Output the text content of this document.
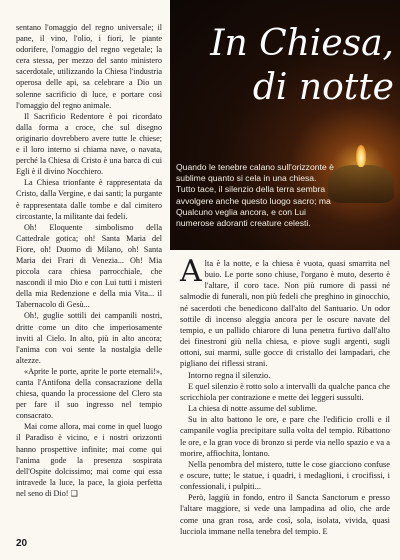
sentano l'omaggio del regno universale; il pane, il vino, l'olio, i fiori, le piante odorifere, l'omaggio del regno vegetale; la cera stessa, per mezzo del santo ministero sacerdotale, utilizzando la Chiesa l'industria operosa delle api, sa celebrare a Dio un solenne sacrificio di luce, e portare così l'omaggio del regno animale.

Il Sacrificio Redentore è poi ricordato dalla forma a croce, che sul disegno originario dovrebbero avere tutte le chiese; e il loro interno si chiama nave, o navata, perché la Chiesa di Cristo è una barca di cui Egli è il divino Nocchiero.

La Chiesa trionfante è rappresentata da Cristo, dalla Vergine, e dai santi; la purgante è rappresentata dalle tombe e dal cimitero circostante, la militante dai fedeli.

Oh! Eloquente simbolismo della Cattedrale gotica; oh! Santa Maria del Fiore, oh! Duomo di Milano, oh! Santa Maria dei Frari di Venezia... Oh! Mia piccola cara chiesa parrocchiale, che nascondi il mio Dio e con Lui tutti i misteri della mia Redenzione e della mia Vita... il Tabernacolo di Gesù...

Oh!, guglie sottili dei campanili nostri, dritte come un dito che imperiosamente inviti al Cielo. In alto, più in alto ancora; l'anima con voi sente la nostalgia delle altezze.

«Aprite le porte, aprite le porte eternali!», canta l'Antifona della consacrazione della chiesa, quando la processione del Clero sta per fare il suo ingresso nel tempio consacrato.

Mai come allora, mai come in quel luogo il Paradiso è vicino, e i nostri orizzonti hanno prospettive infinite; mai come qui l'anima gode la presenza sospirata dell'Ospite dolcissimo; mai come qui essa intravede la luce, la pace, la gioia perfetta nel seno di Dio! ❑

In Chiesa,
di notte
Quando le tenebre calano sull'orizzonte è sublime quanto si cela in una chiesa. Tutto tace, il silenzio della terra sembra avvolgere anche questo luogo sacro; ma Qualcuno veglia ancora, e con Lui numerose adoranti creature celesti.

Alta è la notte, e la chiesa è vuota, quasi smarrita nel buio. Le porte sono chiuse, l'organo è muto, deserto è l'altare, il coro tace. Non più rumore di passi né salmodie di funerali, non più fedeli che preghino in ginocchio, né sacerdoti che benedicono dall'alto del Santuario. Un odor sottile di incenso aleggia ancora per le oscure navate del tempio, e un pallido chiarore di luna penetra furtivo dall'alto dei finestroni giù nella chiesa, e piove sugli argenti, sugli ottoni, sui marmi, sulle gocce di cristallo dei lampadari, che pigliano dei riflessi strani.

Intorno regna il silenzio.

E quel silenzio è rotto solo a intervalli da qualche panca che scricchiola per contrazione e mette dei leggeri sussulti.

La chiesa di notte assume del sublime.

Su in alto battono le ore, e pare che l'edificio crolli e il campanile voglia precipitare sulla volta del tempio. Ribattono le ore, e la gran voce di bronzo si perde via nello spazio e va a morire, affiochita, lontano.

Nella penombra del mistero, tutte le cose giacciono confuse e oscure, tutte; le statue, i quadri, i medaglioni, i crocifissi, i confessionali, i pulpiti...

Però, laggiù in fondo, entro il Sancta Sanctorum e presso l'altare maggiore, si vede una lampadina ad olio, che arde come una gran rosa, arde così, sola, isolata, vivida, quasi lucciola immane nella tenebra del tempio. E

20
